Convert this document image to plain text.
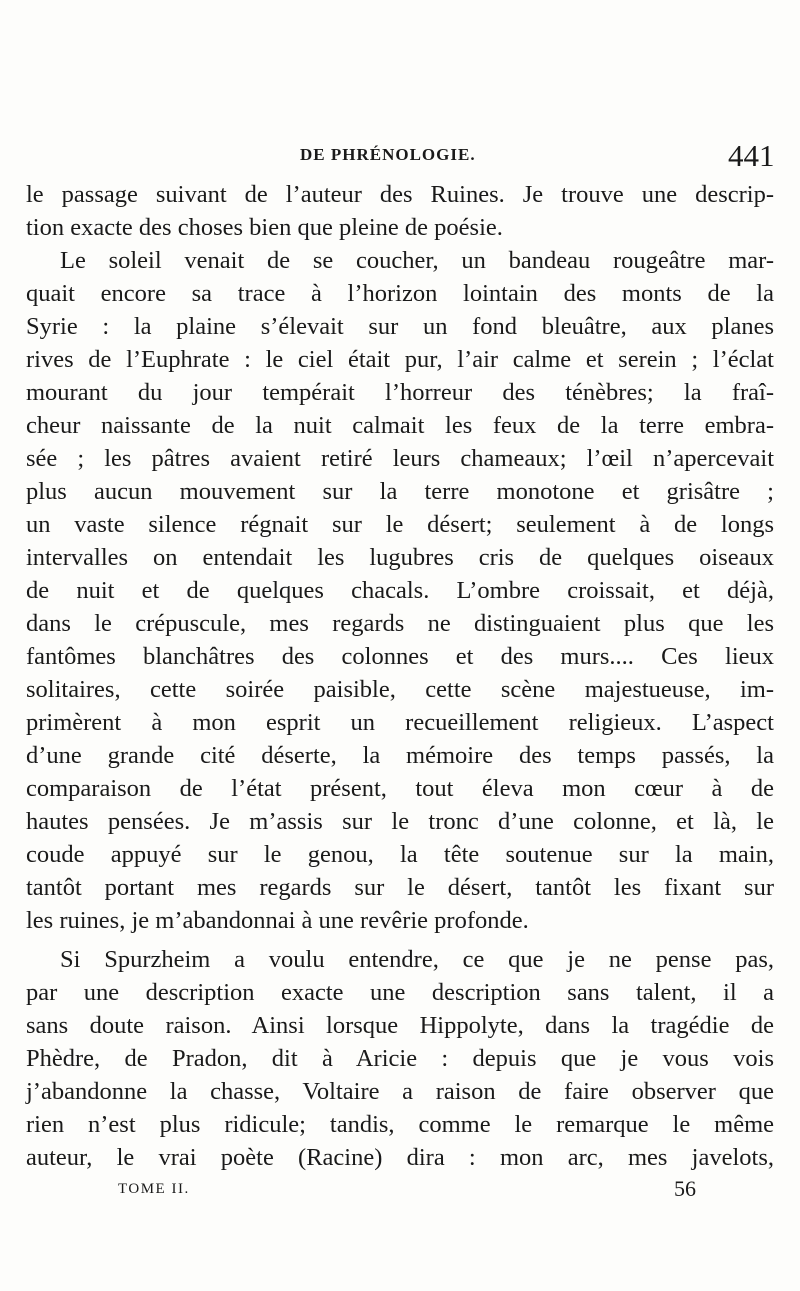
DE PHRÉNOLOGIE.	441
le passage suivant de l’auteur des Ruines. Je trouve une descrip-
tion exacte des choses bien que pleine de poésie.
Le soleil venait de se coucher, un bandeau rougeâtre mar-
quait encore sa trace à l’horizon lointain des monts de la
Syrie : la plaine s’élevait sur un fond bleuâtre, aux planes
rives de l’Euphrate : le ciel était pur, l’air calme et serein ; l’éclat
mourant du jour tempérait l’horreur des ténèbres; la fraî-
cheur naissante de la nuit calmait les feux de la terre embra-
sée ; les pâtres avaient retiré leurs chameaux; l’œil n’apercevait
plus aucun mouvement sur la terre monotone et grisâtre ;
un vaste silence régnait sur le désert; seulement à de longs
intervalles on entendait les lugubres cris de quelques oiseaux
de nuit et de quelques chacals. L’ombre croissait, et déjà,
dans le crépuscule, mes regards ne distinguaient plus que les
fantômes blanchâtres des colonnes et des murs.... Ces lieux
solitaires, cette soirée paisible, cette scène majestueuse, im-
primèrent à mon esprit un recueillement religieux. L’aspect
d’une grande cité déserte, la mémoire des temps passés, la
comparaison de l’état présent, tout éleva mon cœur à de
hautes pensées. Je m’assis sur le tronc d’une colonne, et là, le
coude appuyé sur le genou, la tête soutenue sur la main,
tantôt portant mes regards sur le désert, tantôt les fixant sur
les ruines, je m’abandonnai à une revêrie profonde.
Si Spurzheim a voulu entendre, ce que je ne pense pas,
par une description exacte une description sans talent, il a
sans doute raison. Ainsi lorsque Hippolyte, dans la tragédie de
Phèdre, de Pradon, dit à Aricie : depuis que je vous vois
j’abandonne la chasse, Voltaire a raison de faire observer que
rien n’est plus ridicule; tandis, comme le remarque le même
auteur, le vrai poète (Racine) dira : mon arc, mes javelots,
TOME II.	56
